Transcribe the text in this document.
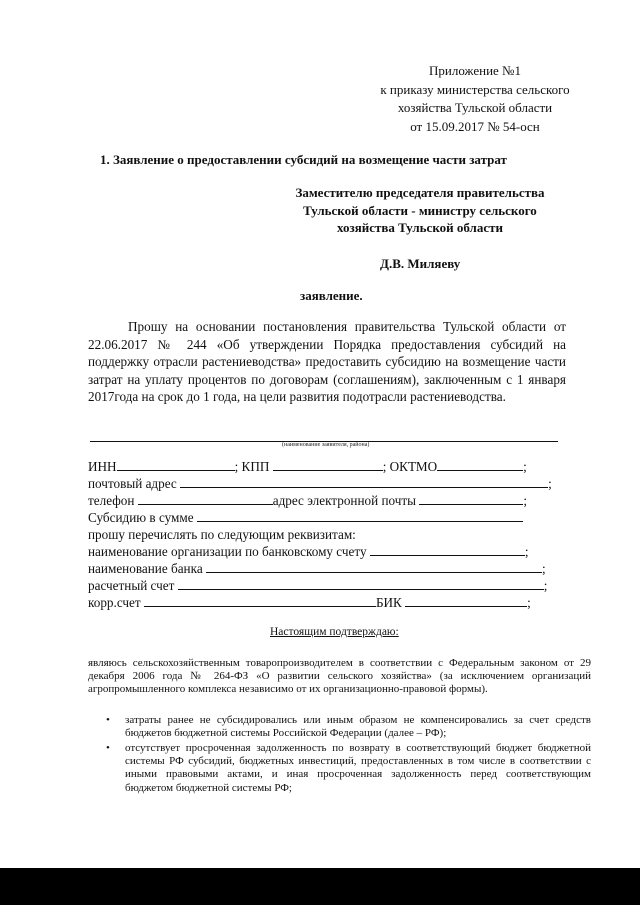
Приложение №1
к приказу министерства сельского
хозяйства Тульской области
от 15.09.2017 № 54-осн
1. Заявление о предоставлении субсидий на возмещение части затрат
Заместителю председателя правительства
Тульской области - министру сельского
хозяйства Тульской области
Д.В. Миляеву
заявление.
Прошу на основании постановления правительства Тульской области от 22.06.2017 № 244 «Об утверждении Порядка предоставления субсидий на поддержку отрасли растениеводства» предоставить субсидию на возмещение части затрат на уплату процентов по договорам (соглашениям), заключенным с 1 января 2017года на срок до 1 года, на цели развития подотрасли растениеводства.
(наименование заявителя, района)
ИНН	; КПП	; ОКТМО	;
почтовый адрес	;
телефон	адрес электронной почты	;
Субсидию в сумме
прошу перечислять по следующим реквизитам:
наименование организации по банковскому счету	;
наименование банка	;
расчетный счет	;
корр.счет	БИК	;
Настоящим подтверждаю:
являюсь сельскохозяйственным товаропроизводителем в соответствии с Федеральным законом от 29 декабря 2006 года № 264-ФЗ «О развитии сельского хозяйства» (за исключением организаций агропромышленного комплекса независимо от их организационно-правовой формы).
• затраты ранее не субсидировались или иным образом не компенсировались за счет средств бюджетов бюджетной системы Российской Федерации (далее – РФ);
• отсутствует просроченная задолженность по возврату в соответствующий бюджет бюджетной системы РФ субсидий, бюджетных инвестиций, предоставленных в том числе в соответствии с иными правовыми актами, и иная просроченная задолженность перед соответствующим бюджетом бюджетной системы РФ;
